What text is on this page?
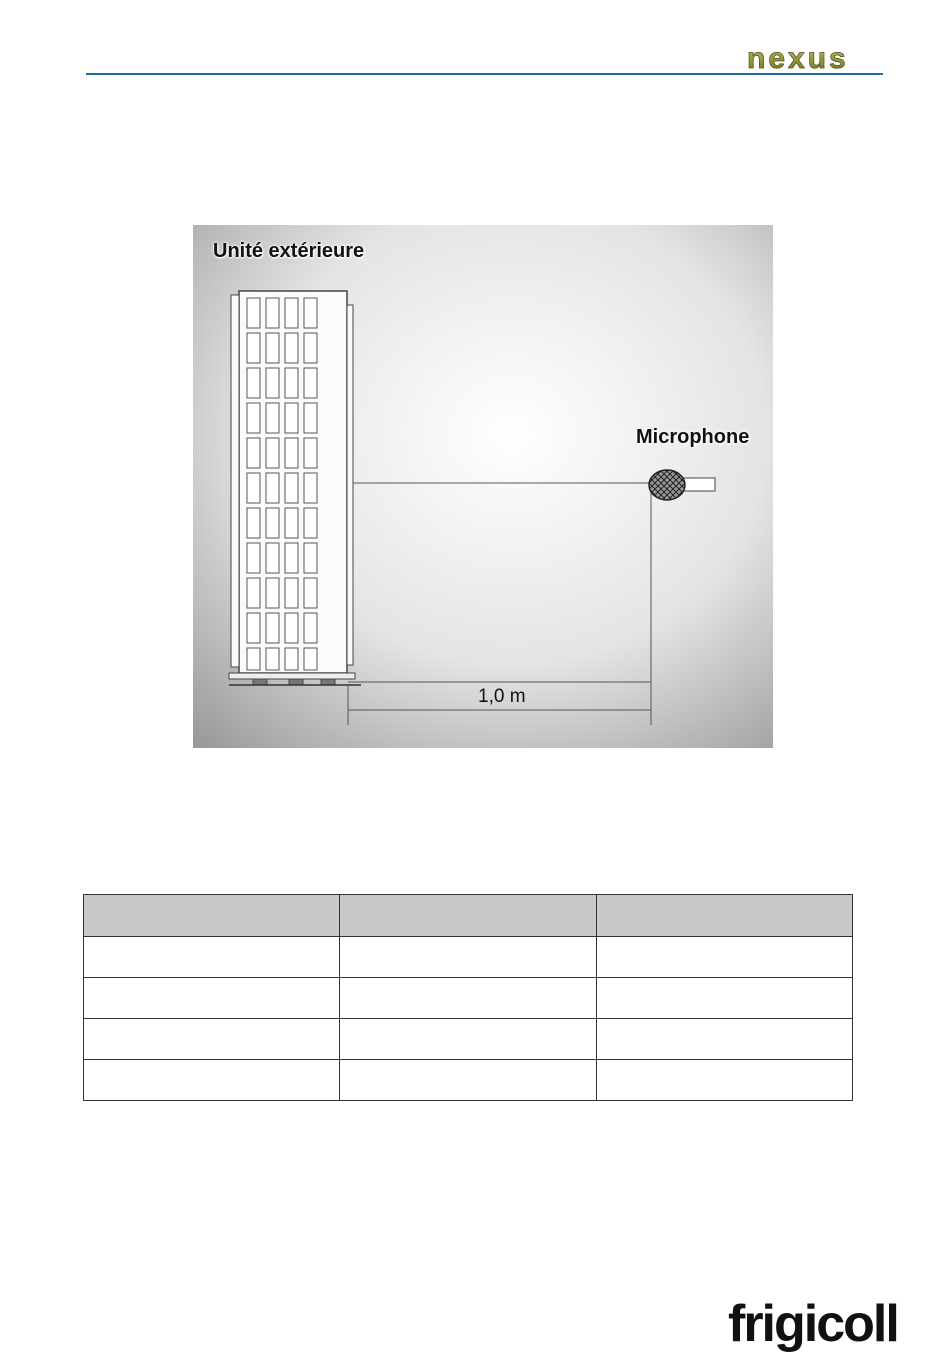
nexus
Unité extérieure
Microphone
1,0 m

frigicoll
